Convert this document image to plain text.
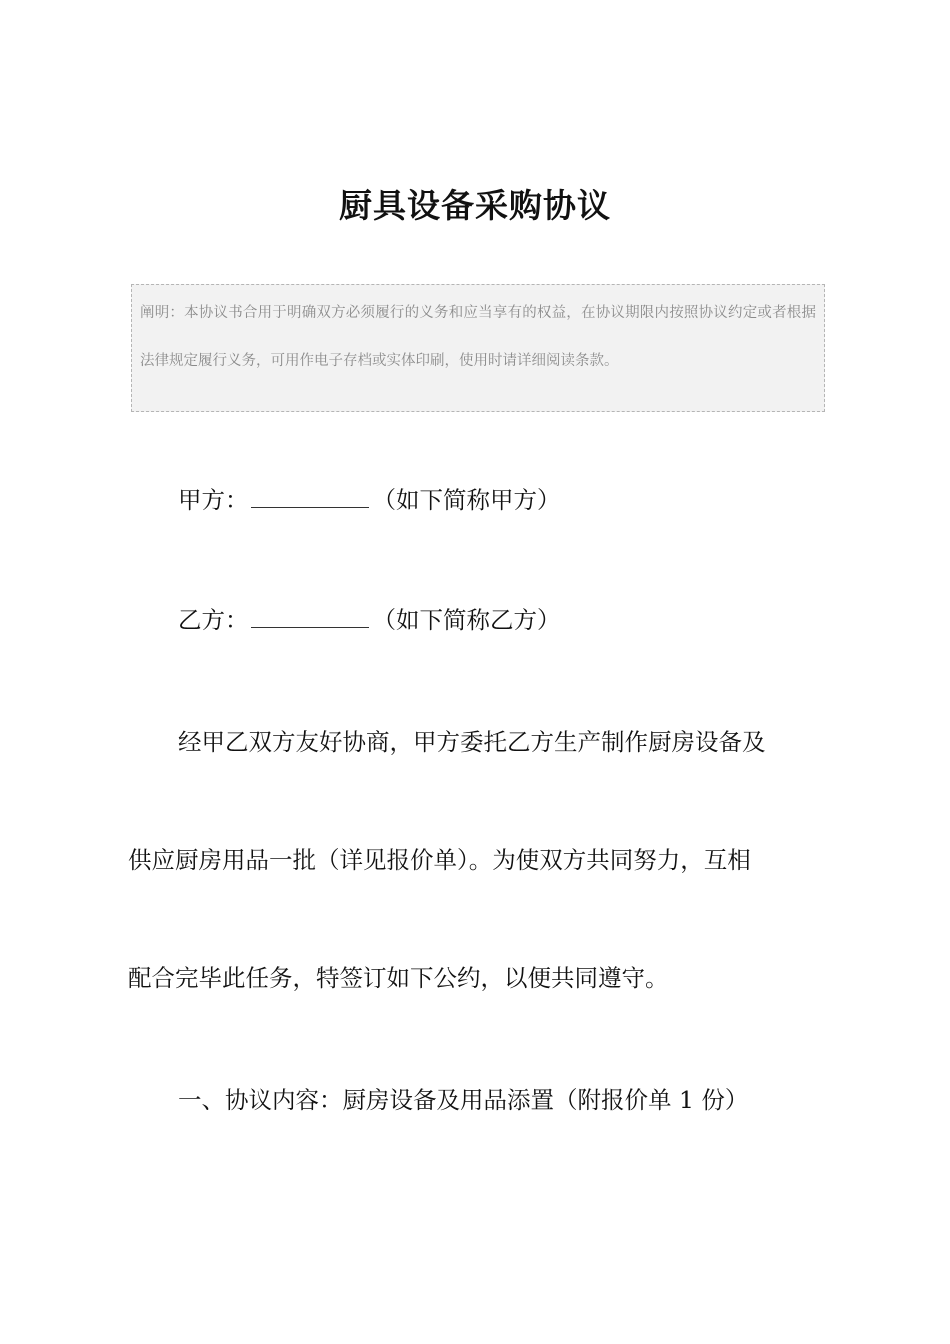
厨具设备采购协议
阐明：本协议书合用于明确双方必须履行的义务和应当享有的权益，在协议期限内按照协议约定或者根据法律规定履行义务，可用作电子存档或实体印刷，使用时请详细阅读条款。

甲方：	（如下简称甲方）

乙方：	（如下简称乙方）

经甲乙双方友好协商，甲方委托乙方生产制作厨房设备及

供应厨房用品一批（详见报价单）。为使双方共同努力，互相

配合完毕此任务，特签订如下公约，以便共同遵守。

一、协议内容：厨房设备及用品添置（附报价单 1 份）
